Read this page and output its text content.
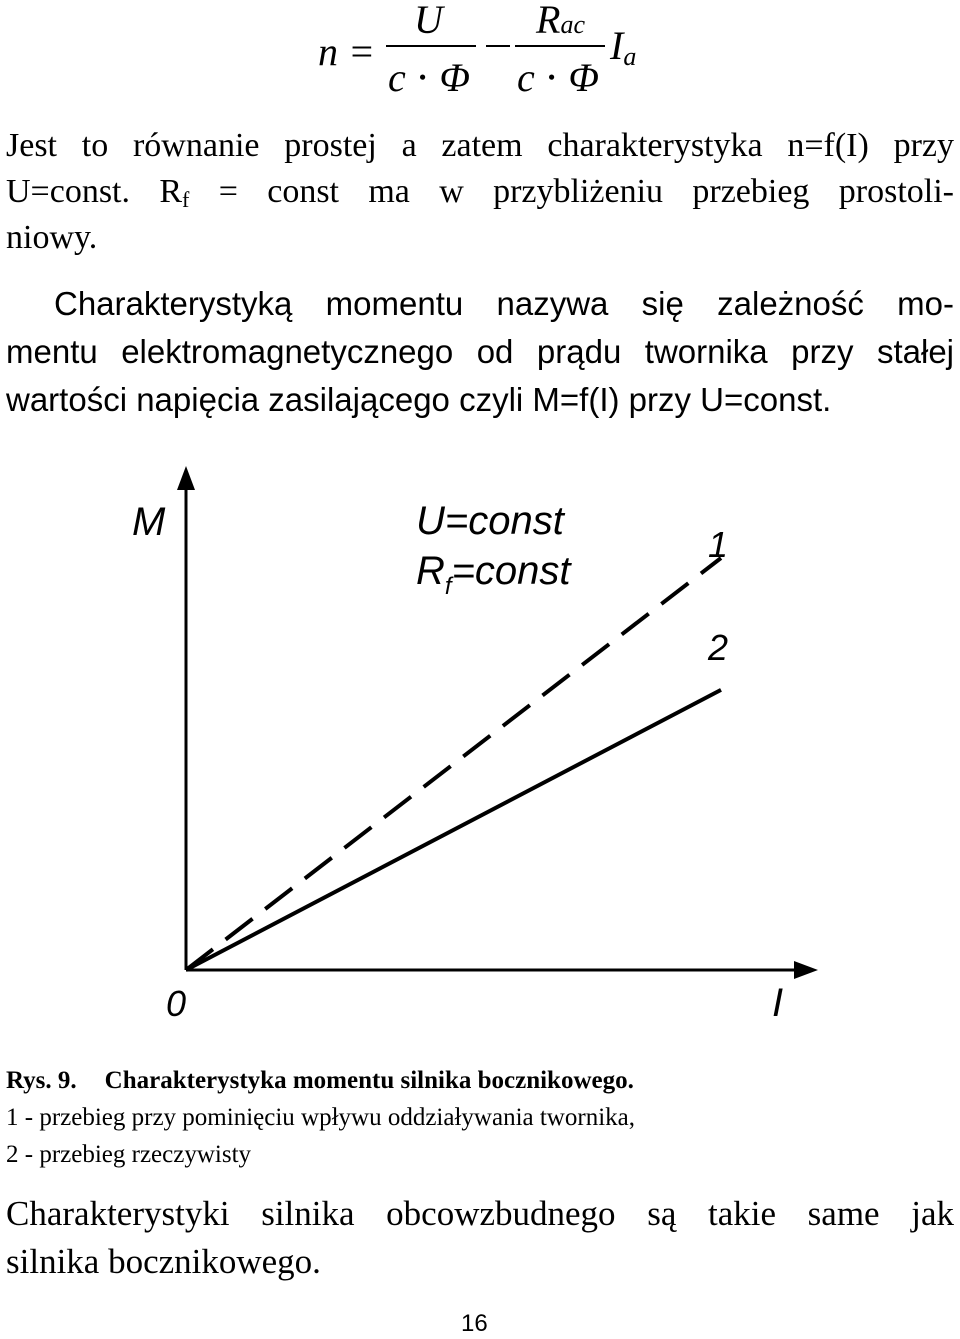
n =
U
c ⋅ Φ
Rac
c ⋅ Φ
Ia
Jest to równanie prostej a zatem charakterystyka n=f(I) przy
U=const. $R_f$ = const ma w przybliżeniu przebieg prostoli-
niowy.
Charakterystyką momentu nazywa się zależność mo-
mentu elektromagnetycznego od prądu twornika przy stałej
wartości napięcia zasilającego czyli M=f(I) przy U=const.
M
I
0
U=const
$R_f=const$
1
2
Rys. 9. Charakterystyka momentu silnika bocznikowego.
1 - przebieg przy pominięciu wpływu oddziaływania twornika,
2 - przebieg rzeczywisty
Charakterystyki silnika obcowzbudnego są takie same jak
silnika bocznikowego.
16
